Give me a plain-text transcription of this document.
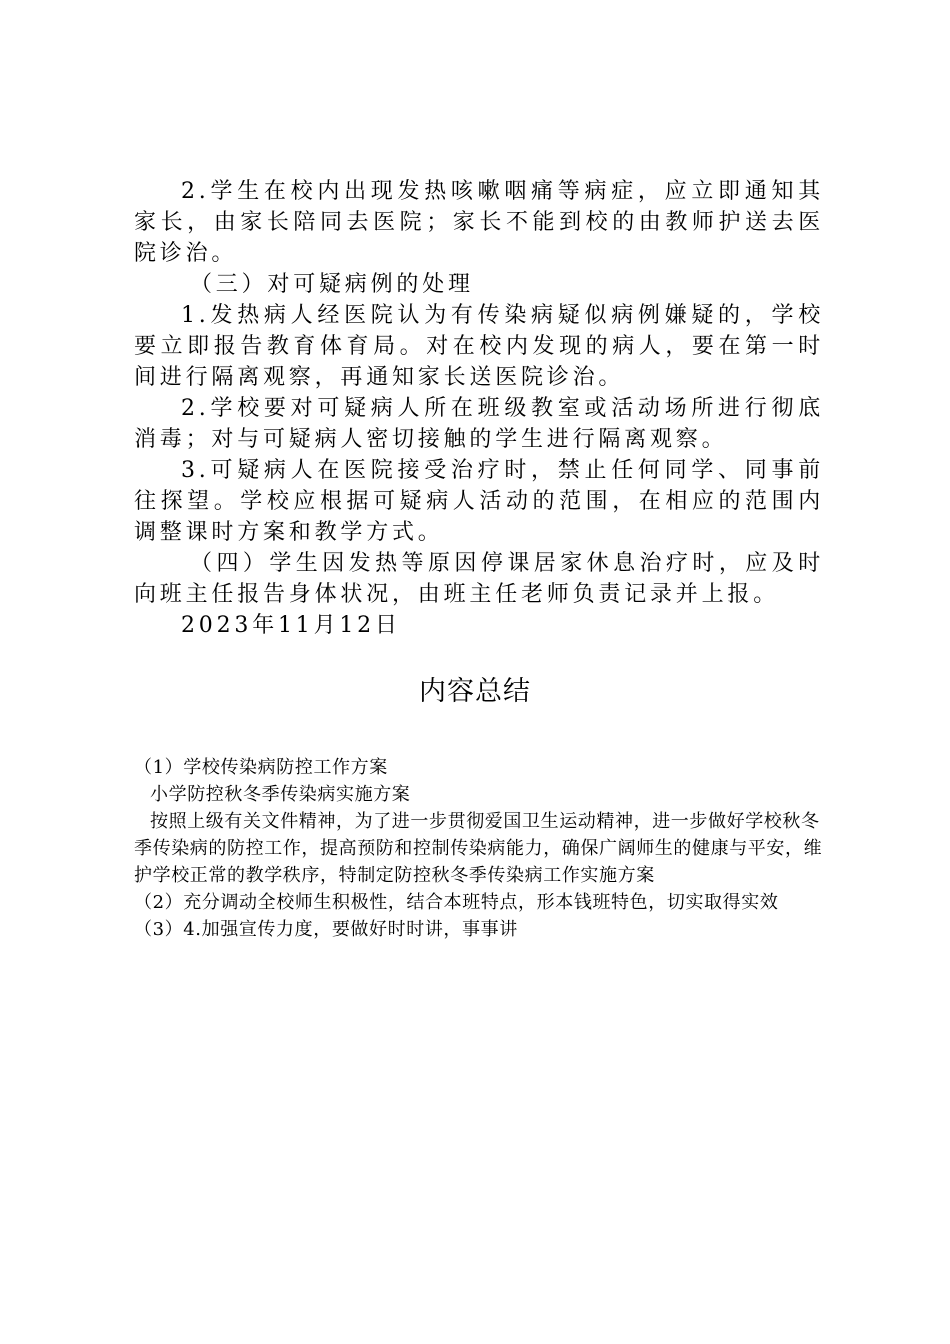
2.学生在校内出现发热咳嗽咽痛等病症，应立即通知其家长，由家长陪同去医院；家长不能到校的由教师护送去医院诊治。

（三）对可疑病例的处理

1.发热病人经医院认为有传染病疑似病例嫌疑的，学校要立即报告教育体育局。对在校内发现的病人，要在第一时间进行隔离观察，再通知家长送医院诊治。

2.学校要对可疑病人所在班级教室或活动场所进行彻底消毒；对与可疑病人密切接触的学生进行隔离观察。

3.可疑病人在医院接受治疗时，禁止任何同学、同事前往探望。学校应根据可疑病人活动的范围，在相应的范围内调整课时方案和教学方式。

（四）学生因发热等原因停课居家休息治疗时，应及时向班主任报告身体状况，由班主任老师负责记录并上报。

2023年11月12日

内容总结

（1）学校传染病防控工作方案

小学防控秋冬季传染病实施方案

按照上级有关文件精神，为了进一步贯彻爱国卫生运动精神，进一步做好学校秋冬季传染病的防控工作，提高预防和控制传染病能力，确保广阔师生的健康与平安，维护学校正常的教学秩序，特制定防控秋冬季传染病工作实施方案

（2）充分调动全校师生积极性，结合本班特点，形本钱班特色，切实取得实效

（3）4.加强宣传力度，要做好时时讲，事事讲
